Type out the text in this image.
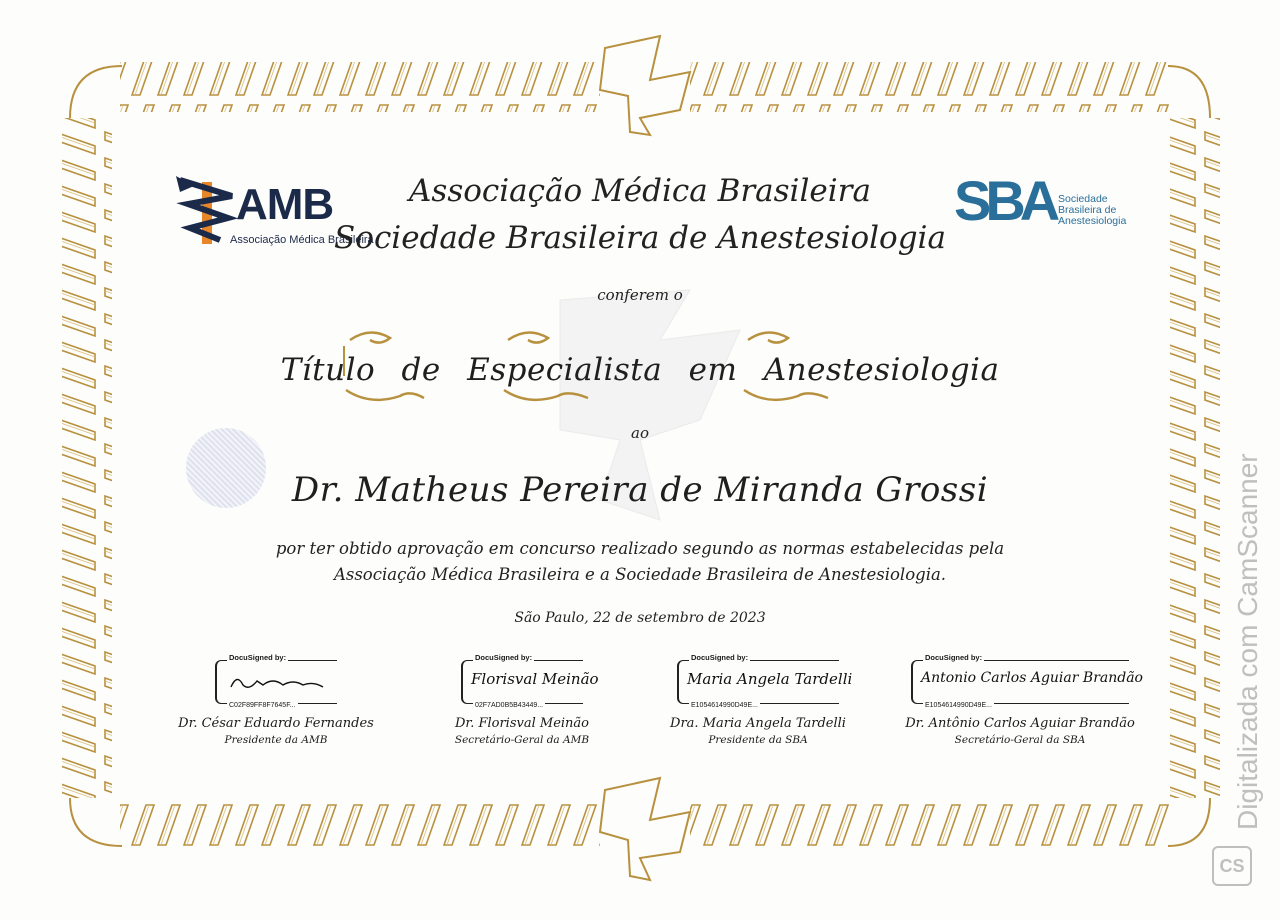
AMB
Associação Médica Brasileira
SBA Sociedade
Brasileira de
Anestesiologia
Associação Médica Brasileira
Sociedade Brasileira de Anestesiologia
conferem o
Título de Especialista em Anestesiologia
ao
Dr. Matheus Pereira de Miranda Grossi
por ter obtido aprovação em concurso realizado segundo as normas estabelecidas pela
Associação Médica Brasileira e a Sociedade Brasileira de Anestesiologia.
São Paulo, 22 de setembro de 2023
DocuSigned by:
C02F89FF8F7645F...
Dr. César Eduardo Fernandes
Presidente da AMB
DocuSigned by:
Florisval Meinão
02F7AD0B5B43449...
Dr. Florisval Meinão
Secretário-Geral da AMB
DocuSigned by:
Maria Angela Tardelli
E1054614990D49E...
Dra. Maria Angela Tardelli
Presidente da SBA
DocuSigned by:
Antonio Carlos Aguiar Brandão
E1054614990D49E...
Dr. Antônio Carlos Aguiar Brandão
Secretário-Geral da SBA	Digitalizada com CamScanner
CS
